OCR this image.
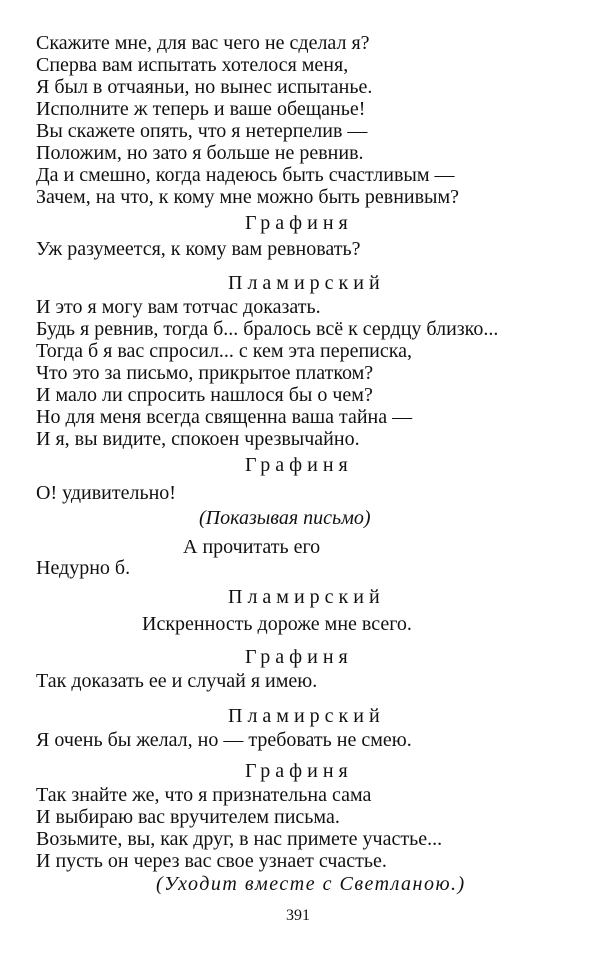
Скажите мне, для вас чего не сделал я?
Сперва вам испытать хотелося меня,
Я был в отчаяньи, но вынес испытанье.
Исполните ж теперь и ваше обещанье!
Вы скажете опять, что я нетерпелив —
Положим, но зато я больше не ревнив.
Да и смешно, когда надеюсь быть счастливым —
Зачем, на что, к кому мне можно быть ревнивым?
Графиня
Уж разумеется, к кому вам ревновать?
Пламирский
И это я могу вам тотчас доказать.
Будь я ревнив, тогда б... бралось всё к сердцу близко...
Тогда б я вас спросил... с кем эта переписка,
Что это за письмо, прикрытое платком?
И мало ли спросить нашлося бы о чем?
Но для меня всегда священна ваша тайна —
И я, вы видите, спокоен чрезвычайно.
Графиня
О! удивительно!
(Показывая письмо)
А прочитать его
Недурно б.
Пламирский
Искренность дороже мне всего.
Графиня
Так доказать ее и случай я имею.
Пламирский
Я очень бы желал, но — требовать не смею.
Графиня
Так знайте же, что я признательна сама
И выбираю вас вручителем письма.
Возьмите, вы, как друг, в нас примете участье...
И пусть он через вас свое узнает счастье.
(Уходит вместе с Светланою.)
391
